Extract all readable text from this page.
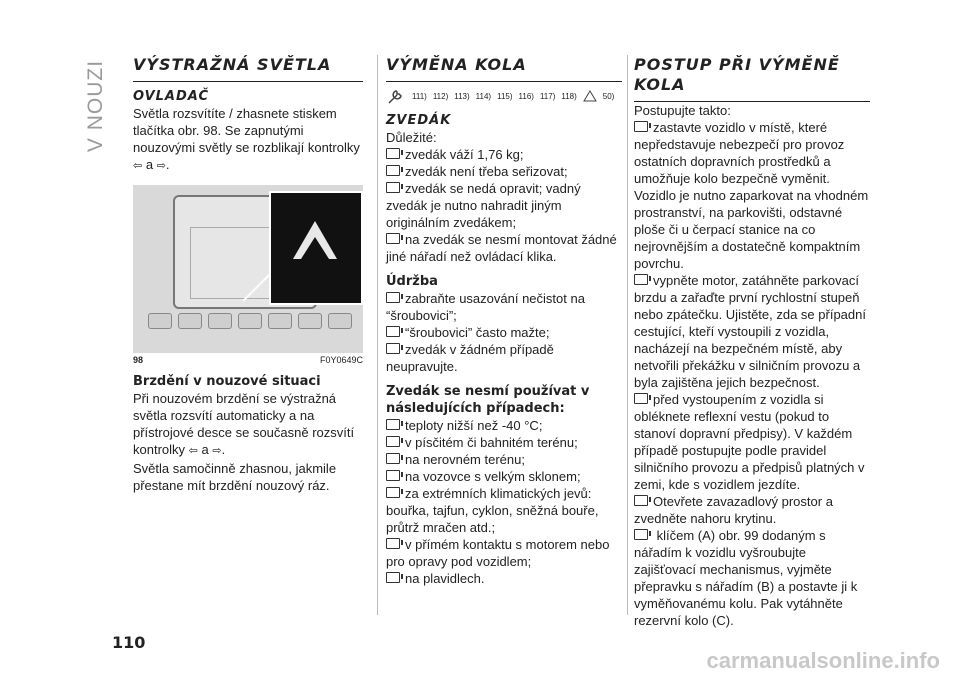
V NOUZI VÝSTRAŽNÁ SVĚTLA
OVLADAČ

Světla rozsvítíte / zhasnete stiskem tlačítka obr. 98. Se zapnutými nouzovými světly se rozblikají kontrolky ⇦ a ⇨.

98	F0Y0649C
Brzdění v nouzové situaci

Při nouzovém brzdění se výstražná světla rozsvítí automaticky a na přístrojové desce se současně rozsvítí kontrolky ⇦ a ⇨.

Světla samočinně zhasnou, jakmile přestane mít brzdění nouzový ráz.

VÝMĚNA KOLA
111) 112) 113) 114) 115) 116) 117) 118)	50)
ZVEDÁK

Důležité:

zvedák váží 1,76 kg;

zvedák není třeba seřizovat;

zvedák se nedá opravit; vadný zvedák je nutno nahradit jiným originálním zvedákem;

na zvedák se nesmí montovat žádné jiné nářadí než ovládací klika.

Údržba

zabraňte usazování nečistot na “šroubovici”;

“šroubovici” často mažte;

zvedák v žádném případě neupravujte.

Zvedák se nesmí používat v následujících případech:

teploty nižší než -40 °C;

v písčitém či bahnitém terénu;

na nerovném terénu;

na vozovce s velkým sklonem;

za extrémních klimatických jevů: bouřka, tajfun, cyklon, sněžná bouře, průtrž mračen atd.;

v přímém kontaktu s motorem nebo pro opravy pod vozidlem;

na plavidlech.

POSTUP PŘI VÝMĚNĚ KOLA

Postupujte takto:

zastavte vozidlo v místě, které nepředstavuje nebezpečí pro provoz ostatních dopravních prostředků a umožňuje kolo bezpečně vyměnit. Vozidlo je nutno zaparkovat na vhodném prostranství, na parkovišti, odstavné ploše či u čerpací stanice na co nejrovnějším a dostatečně kompaktním povrchu.

vypněte motor, zatáhněte parkovací brzdu a zařaďte první rychlostní stupeň nebo zpátečku. Ujistěte, zda se případní cestující, kteří vystoupili z vozidla, nacházejí na bezpečném místě, aby netvořili překážku v silničním provozu a byla zajištěna jejich bezpečnost.

před vystoupením z vozidla si obléknete reflexní vestu (pokud to stanoví dopravní předpisy). V každém případě postupujte podle pravidel silničního provozu a předpisů platných v zemi, kde s vozidlem jezdíte.

Otevřete zavazadlový prostor a zvedněte nahoru krytinu.

klíčem (A) obr. 99 dodaným s nářadím k vozidlu vyšroubujte zajišťovací mechanismus, vyjměte přepravku s nářadím (B) a postavte ji k vyměňovanému kolu. Pak vytáhněte rezervní kolo (C).

110
carmanualsonline.info
